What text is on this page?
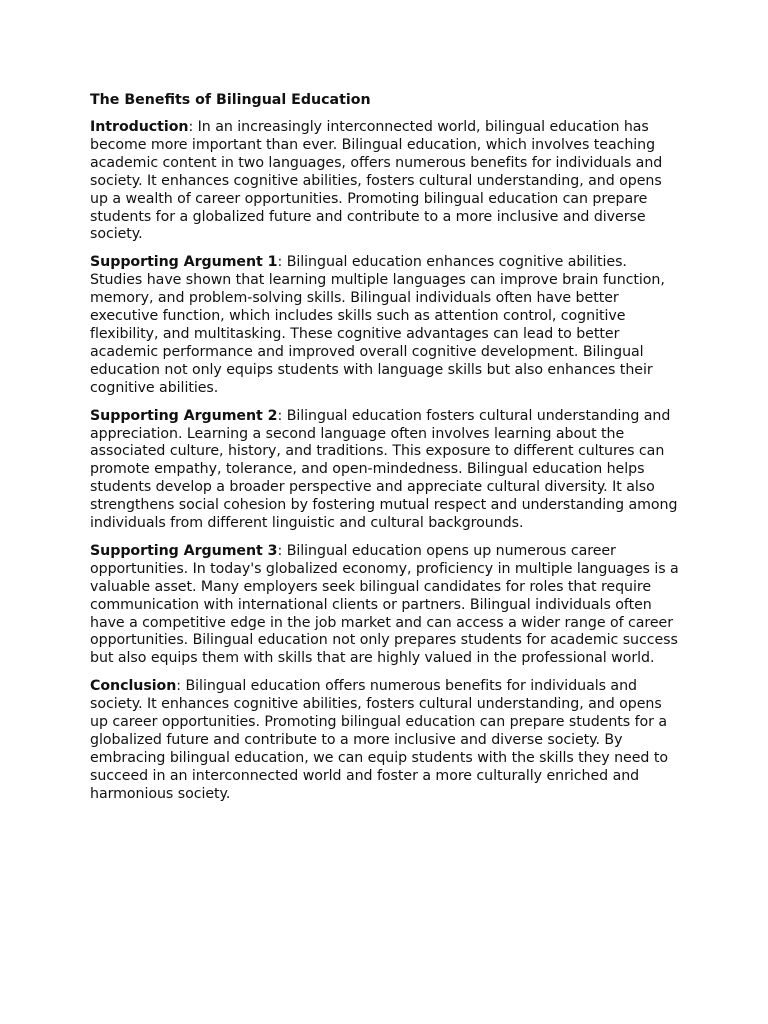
The Benefits of Bilingual Education

Introduction: In an increasingly interconnected world, bilingual education has become more important than ever. Bilingual education, which involves teaching academic content in two languages, offers numerous benefits for individuals and society. It enhances cognitive abilities, fosters cultural understanding, and opens up a wealth of career opportunities. Promoting bilingual education can prepare students for a globalized future and contribute to a more inclusive and diverse society.

Supporting Argument 1: Bilingual education enhances cognitive abilities. Studies have shown that learning multiple languages can improve brain function, memory, and problem-solving skills. Bilingual individuals often have better executive function, which includes skills such as attention control, cognitive flexibility, and multitasking. These cognitive advantages can lead to better academic performance and improved overall cognitive development. Bilingual education not only equips students with language skills but also enhances their cognitive abilities.

Supporting Argument 2: Bilingual education fosters cultural understanding and appreciation. Learning a second language often involves learning about the associated culture, history, and traditions. This exposure to different cultures can promote empathy, tolerance, and open-mindedness. Bilingual education helps students develop a broader perspective and appreciate cultural diversity. It also strengthens social cohesion by fostering mutual respect and understanding among individuals from different linguistic and cultural backgrounds.

Supporting Argument 3: Bilingual education opens up numerous career opportunities. In today's globalized economy, proficiency in multiple languages is a valuable asset. Many employers seek bilingual candidates for roles that require communication with international clients or partners. Bilingual individuals often have a competitive edge in the job market and can access a wider range of career opportunities. Bilingual education not only prepares students for academic success but also equips them with skills that are highly valued in the professional world.

Conclusion: Bilingual education offers numerous benefits for individuals and society. It enhances cognitive abilities, fosters cultural understanding, and opens up career opportunities. Promoting bilingual education can prepare students for a globalized future and contribute to a more inclusive and diverse society. By embracing bilingual education, we can equip students with the skills they need to succeed in an interconnected world and foster a more culturally enriched and harmonious society.
